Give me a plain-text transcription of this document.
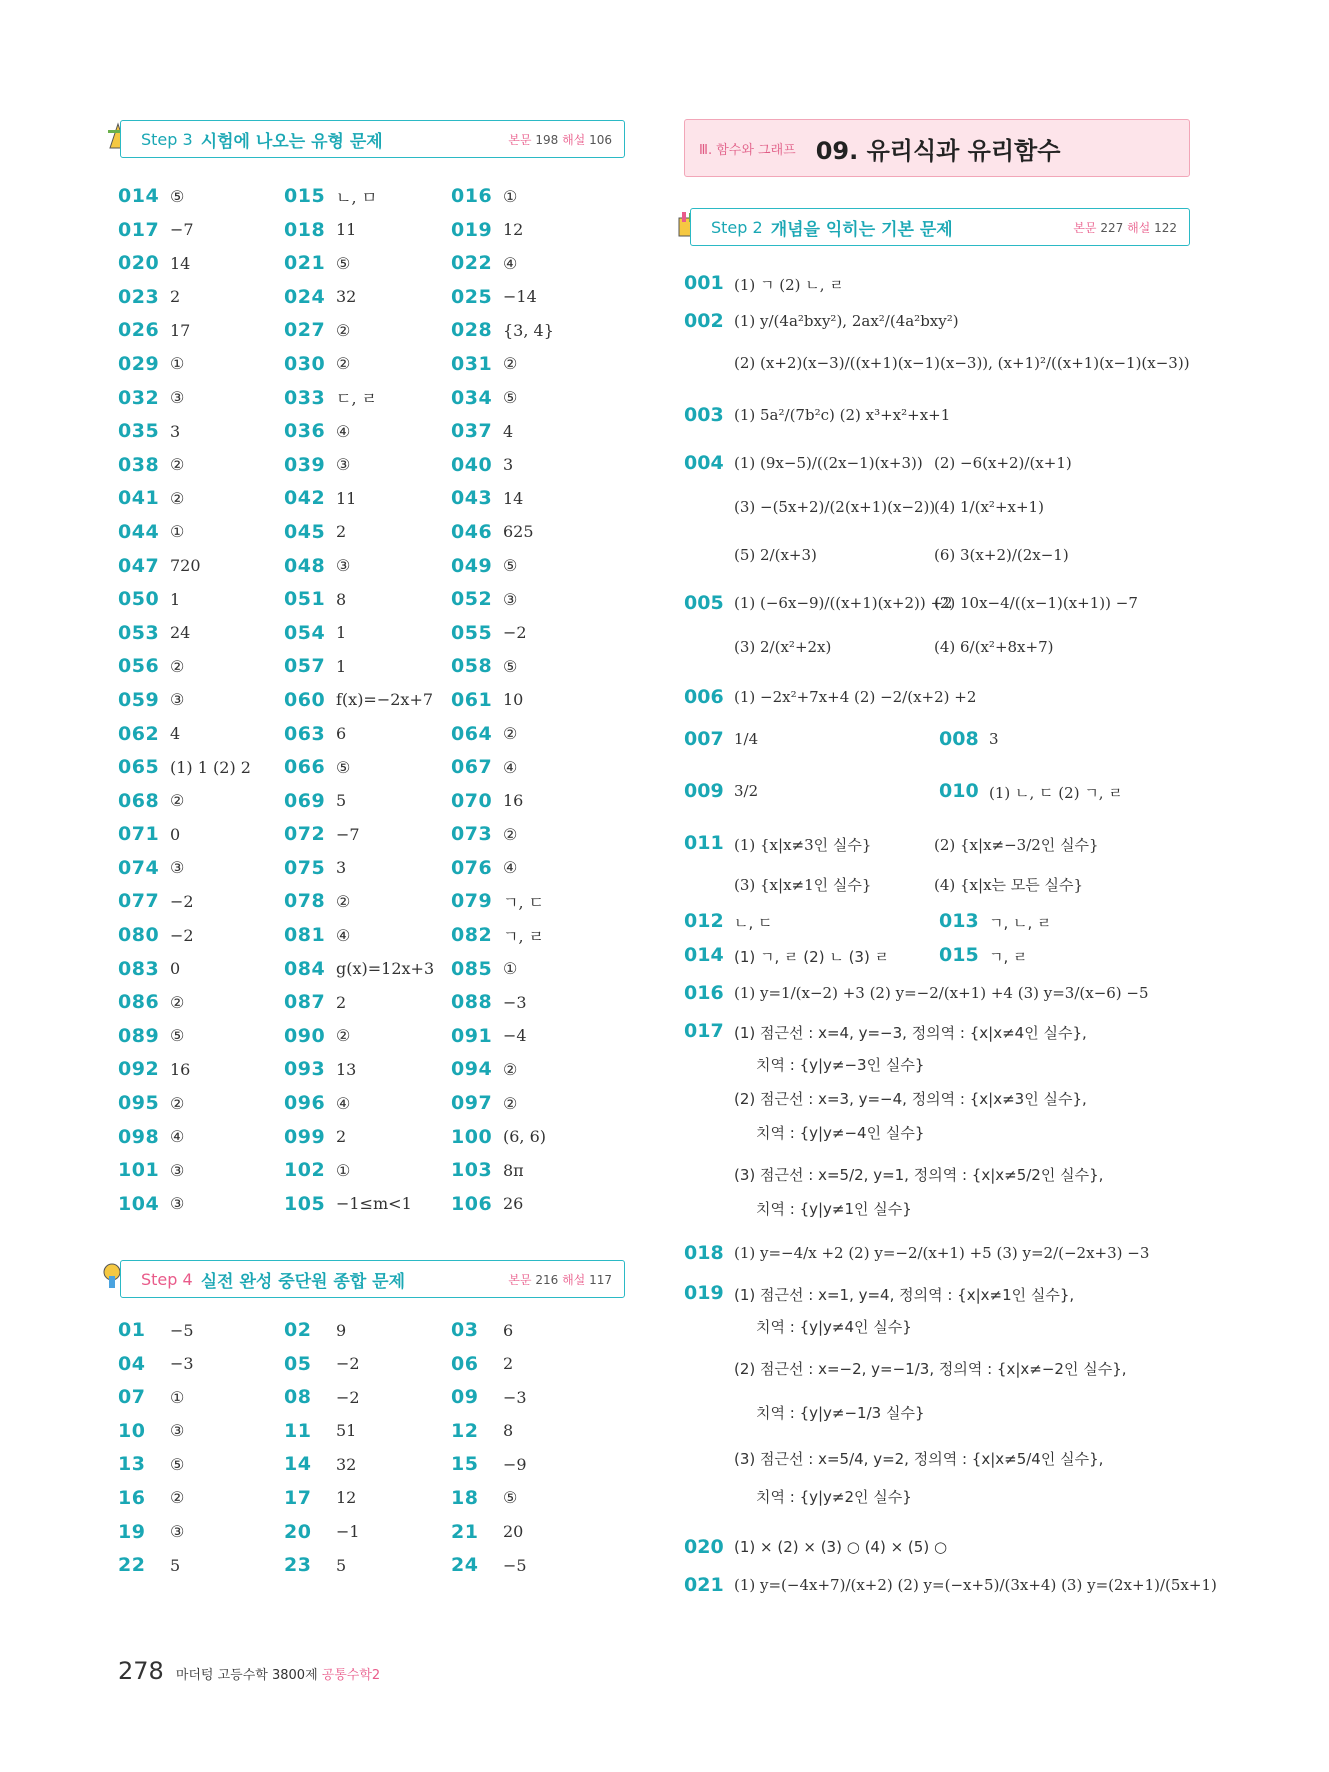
Step 3 시험에 나오는 유형 문제	본문 198 해설 106
014 ⑤	015 ㄴ, ㅁ	016 ①
017 −7	018 11	019 12
020 14	021 ⑤	022 ④
023 2	024 32	025 −14
026 17	027 ②	028 {3, 4}
029 ①	030 ②	031 ②
032 ③	033 ㄷ, ㄹ	034 ⑤
035 3	036 ④	037 4
038 ②	039 ③	040 3
041 ②	042 11	043 14
044 ①	045 2	046 625
047 720	048 ③	049 ⑤
050 1	051 8	052 ③
053 24	054 1	055 −2
056 ②	057 1	058 ⑤
059 ③	060 f(x)=−2x+7 061 10
062 4	063 6	064 ②
065 (1) 1 (2) 2 066 ⑤	067 ④
068 ②	069 5	070 16
071 0	072 −7	073 ②
074 ③	075 3	076 ④
077 −2	078 ②	079 ㄱ, ㄷ
080 −2	081 ④	082 ㄱ, ㄹ
083 0	084 g(x)=12x+3 085 ①
086 ②	087 2	088 −3
089 ⑤	090 ②	091 −4
092 16	093 13	094 ②
095 ②	096 ④	097 ②
098 ④	099 2	100 (6, 6)
101 ③	102 ①	103 8π
104 ③	105 −1≤m<1 106 26
Step 4 실전 완성 중단원 종합 문제	본문 216 해설 117
01	−5	02	9	03	6
04	−3	05	−2	06	2
07	①	08	−2	09	−3
10	③	11	51	12	8
13	⑤	14	32	15	−9
16	②	17	12	18	⑤
19	③	20	−1	21	20
22	5	23	5	24	−5
Ⅲ. 함수와 그래프 09. 유리식과 유리함수
Step 2 개념을 익히는 기본 문제	본문 227 해설 122
001 (1) ㄱ (2) ㄴ, ㄹ
002 (1) y/(4a²bxy²), 2ax²/(4a²bxy²)
(2) (x+2)(x−3)/((x+1)(x−1)(x−3)), (x+1)²/((x+1)(x−1)(x−3))
003 (1) 5a²/(7b²c) (2) x³+x²+x+1
004 (1) (9x−5)/((2x−1)(x+3)) (2) −6(x+2)/(x+1)
(3) −(5x+2)/(2(x+1)(x−2))
(4) 1/(x²+x+1)
(5) 2/(x+3)	(6) 3(x+2)/(2x−1)
005 (1) (−6x−9)/((x+1)(x+2)) +2
(2) 10x−4/((x−1)(x+1)) −7
(3) 2/(x²+2x)	(4) 6/(x²+8x+7)
006 (1) −2x²+7x+4 (2) −2/(x+2) +2
007 1/4	008 3
009 3/2	010 (1) ㄴ, ㄷ (2) ㄱ, ㄹ
011 (1) {x|x≠3인 실수}	(2) {x|x≠−3/2인 실수}
(3) {x|x≠1인 실수}	(4) {x|x는 모든 실수}
012 ㄴ, ㄷ	013 ㄱ, ㄴ, ㄹ
014 (1) ㄱ, ㄹ (2) ㄴ (3) ㄹ	015 ㄱ, ㄹ
016 (1) y=1/(x−2) +3 (2) y=−2/(x+1) +4 (3) y=3/(x−6) −5
017 (1) 점근선 : x=4, y=−3, 정의역 : {x|x≠4인 실수},
치역 : {y|y≠−3인 실수}
(2) 점근선 : x=3, y=−4, 정의역 : {x|x≠3인 실수},
치역 : {y|y≠−4인 실수}
(3) 점근선 : x=5/2, y=1, 정의역 : {x|x≠5/2인 실수},
치역 : {y|y≠1인 실수}
018 (1) y=−4/x +2 (2) y=−2/(x+1) +5 (3) y=2/(−2x+3) −3
019 (1) 점근선 : x=1, y=4, 정의역 : {x|x≠1인 실수},
치역 : {y|y≠4인 실수}
(2) 점근선 : x=−2, y=−1/3, 정의역 : {x|x≠−2인 실수},
치역 : {y|y≠−1/3 실수}
(3) 점근선 : x=5/4, y=2, 정의역 : {x|x≠5/4인 실수},
치역 : {y|y≠2인 실수}
020 (1) × (2) × (3) ○ (4) × (5) ○
021 (1) y=(−4x+7)/(x+2) (2) y=(−x+5)/(3x+4) (3) y=(2x+1)/(5x+1)
278 마더텅 고등수학 3800제 공통수학2
